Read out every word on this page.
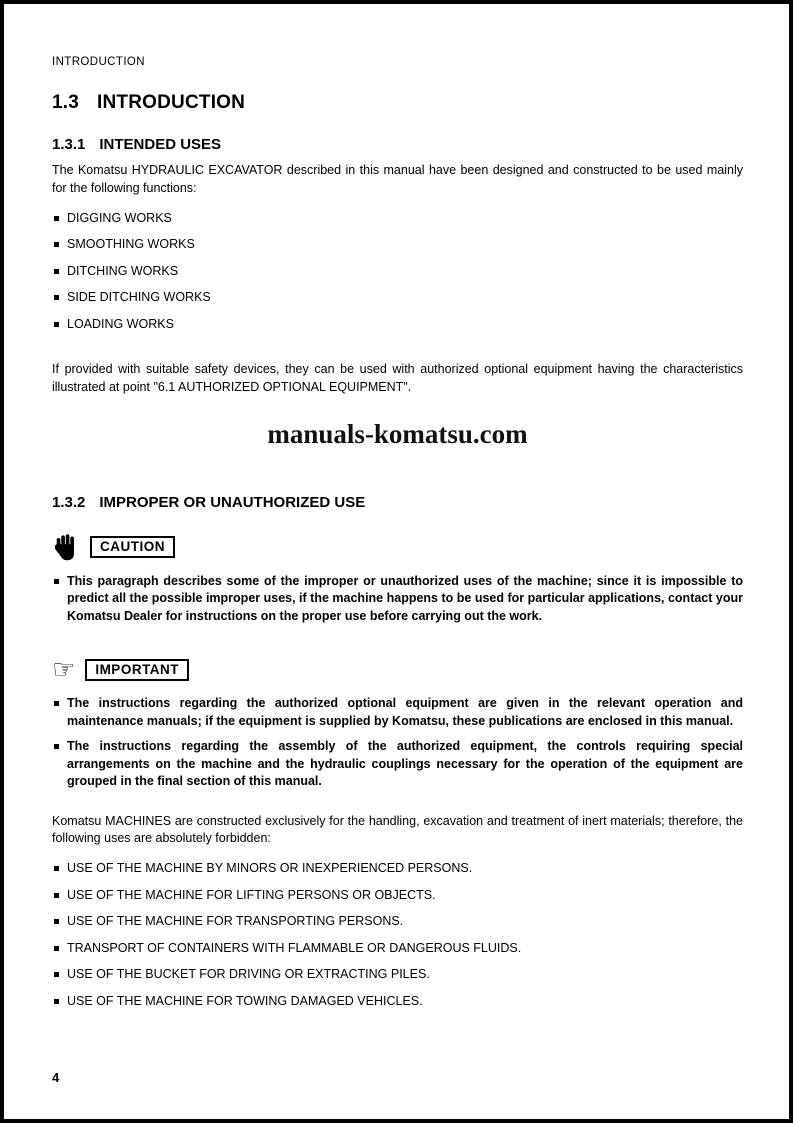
INTRODUCTION
1.3 INTRODUCTION
1.3.1 INTENDED USES
The Komatsu HYDRAULIC EXCAVATOR described in this manual have been designed and constructed to be used mainly for the following functions:
DIGGING WORKS
SMOOTHING WORKS
DITCHING WORKS
SIDE DITCHING WORKS
LOADING WORKS
If provided with suitable safety devices, they can be used with authorized optional equipment having the characteristics illustrated at point "6.1 AUTHORIZED OPTIONAL EQUIPMENT".
manuals-komatsu.com
1.3.2 IMPROPER OR UNAUTHORIZED USE
CAUTION
This paragraph describes some of the improper or unauthorized uses of the machine; since it is impossible to predict all the possible improper uses, if the machine happens to be used for particular applications, contact your Komatsu Dealer for instructions on the proper use before carrying out the work.
☞	IMPORTANT
The instructions regarding the authorized optional equipment are given in the relevant operation and maintenance manuals; if the equipment is supplied by Komatsu, these publications are enclosed in this manual.
The instructions regarding the assembly of the authorized equipment, the controls requiring special arrangements on the machine and the hydraulic couplings necessary for the operation of the equipment are grouped in the final section of this manual.
Komatsu MACHINES are constructed exclusively for the handling, excavation and treatment of inert materials; therefore, the following uses are absolutely forbidden:
USE OF THE MACHINE BY MINORS OR INEXPERIENCED PERSONS.
USE OF THE MACHINE FOR LIFTING PERSONS OR OBJECTS.
USE OF THE MACHINE FOR TRANSPORTING PERSONS.
TRANSPORT OF CONTAINERS WITH FLAMMABLE OR DANGEROUS FLUIDS.
USE OF THE BUCKET FOR DRIVING OR EXTRACTING PILES.
USE OF THE MACHINE FOR TOWING DAMAGED VEHICLES.
4
